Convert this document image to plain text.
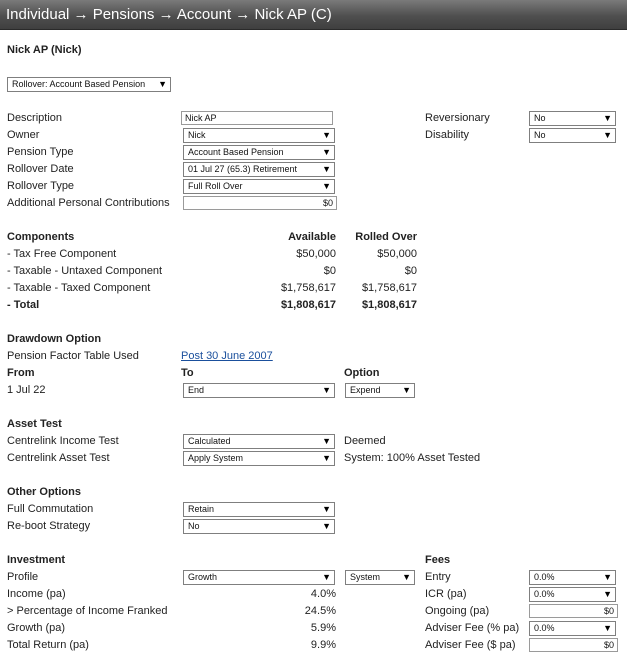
Individual → Pensions → Account → Nick AP (C)
Nick AP (Nick)
Rollover: Account Based Pension ▼
Description	Nick AP
Owner	Nick	▼
Pension Type	Account Based Pension	▼
Rollover Date	01 Jul 27 (65.3) Retirement	▼
Rollover Type	Full Roll Over	▼
Additional Personal Contributions	$0
Reversionary	No	▼
Disability	No	▼
Components	Available	Rolled Over
- Tax Free Component	$50,000	$50,000
- Taxable - Untaxed Component	$0	$0
- Taxable - Taxed Component	$1,758,617	$1,758,617
- Total	$1,808,617	$1,808,617
Drawdown Option
Pension Factor Table Used	Post 30 June 2007
From	To	Option
1 Jul 22	End	▼	Expend ▼
Asset Test
Centrelink Income Test	Calculated	▼ Deemed
Centrelink Asset Test	Apply System	▼ System: 100% Asset Tested
Other Options
Full Commutation	Retain	▼
Re-boot Strategy	No	▼
Investment
Profile	Growth	▼	System ▼
Income (pa)	4.0%
> Percentage of Income Franked	24.5%
Growth (pa)	5.9%
Total Return (pa)	9.9%
Fees
Entry	0.0%	▼
ICR (pa)	0.0%	▼
Ongoing (pa)	$0
Adviser Fee (% pa)	0.0%	▼
Adviser Fee ($ pa)	$0
